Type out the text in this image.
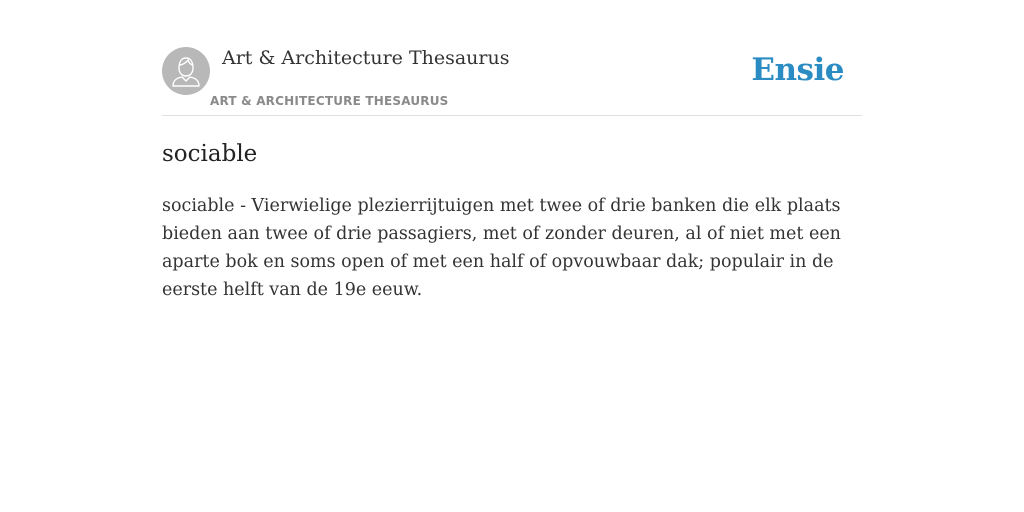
Art & Architecture Thesaurus
ART & ARCHITECTURE THESAURUS
Ensie
sociable

sociable - Vierwielige plezierrijtuigen met twee of drie banken die elk plaats bieden aan twee of drie passagiers, met of zonder deuren, al of niet met een aparte bok en soms open of met een half of opvouwbaar dak; populair in de eerste helft van de 19e eeuw.
